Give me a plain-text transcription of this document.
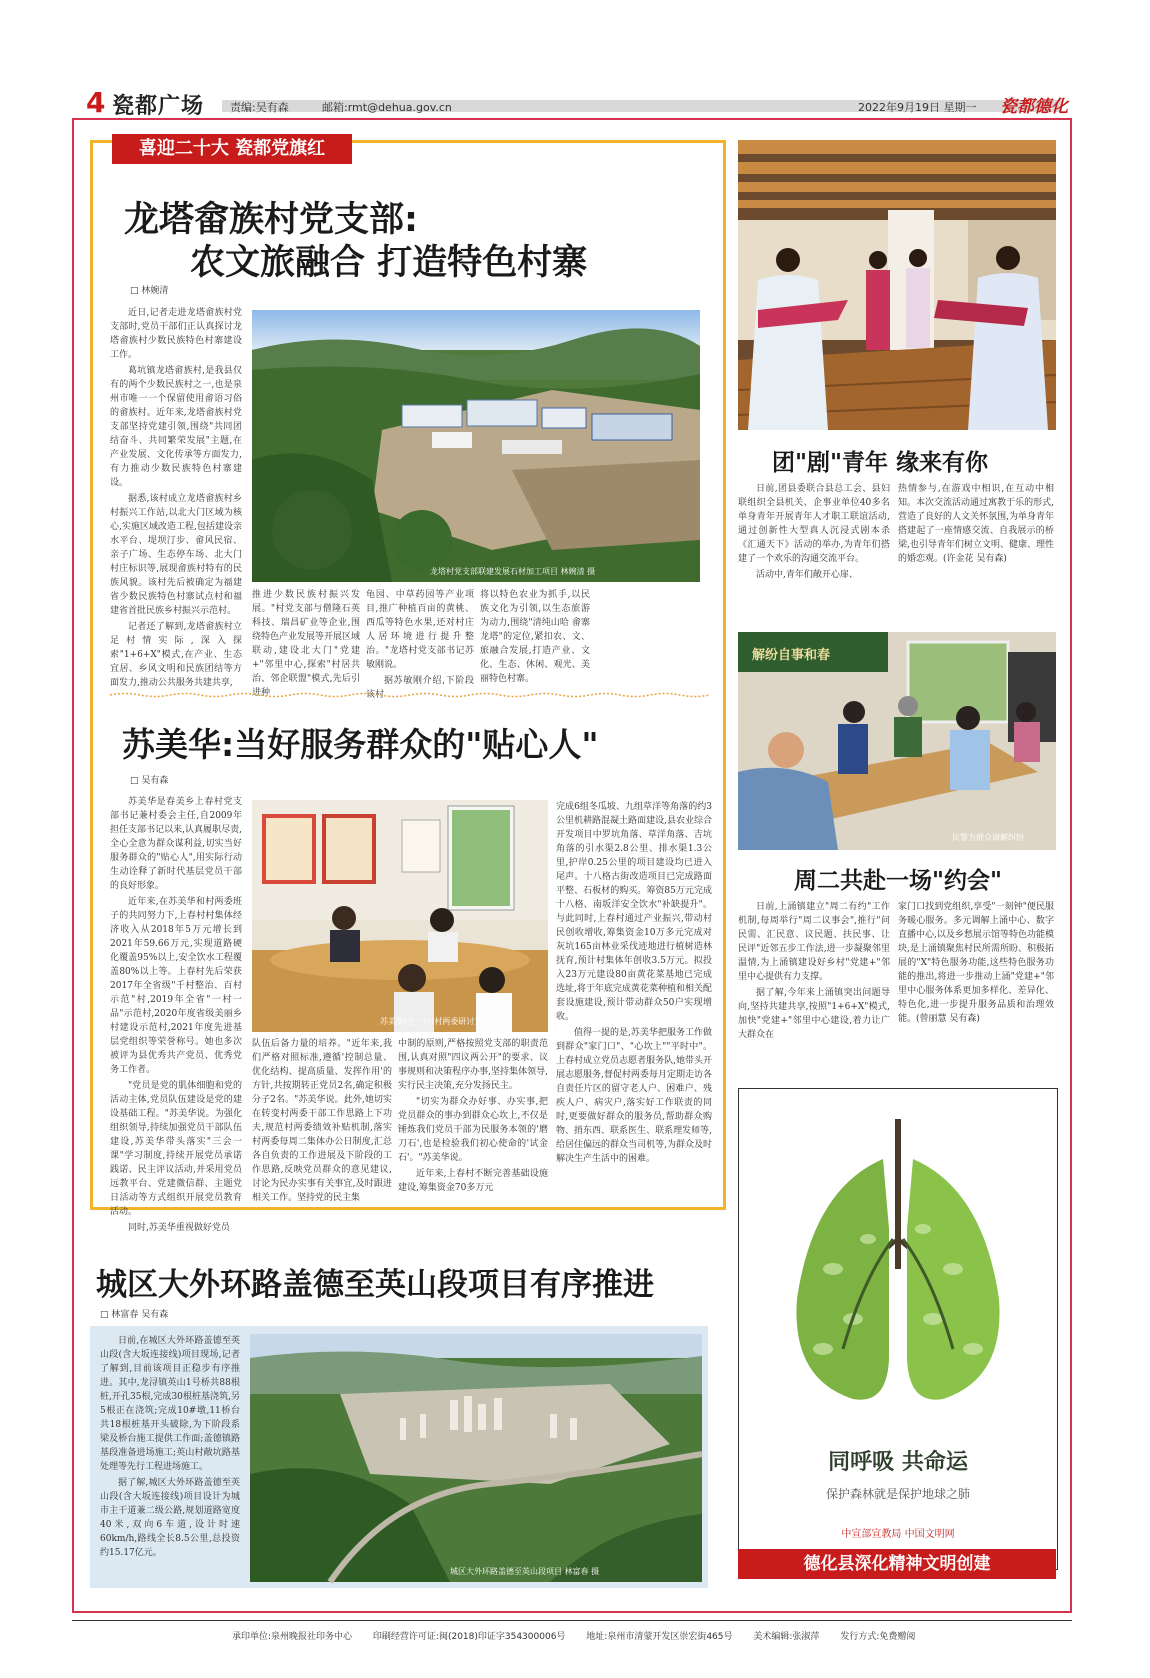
4 瓷都广场 责编:吴有森	邮箱:rmt@dehua.gov.cn	2022年9月19日 星期一 瓷都德化
喜迎二十大 瓷都党旗红
龙塔畲族村党支部:
农文旅融合 打造特色村寨
□ 林婉清

近日,记者走进龙塔畲族村党支部时,党员干部们正认真探讨龙塔畲族村少数民族特色村寨建设工作。

葛坑镇龙塔畲族村,是我县仅有的两个少数民族村之一,也是泉州市唯一一个保留使用畲语习俗的畲族村。近年来,龙塔畲族村党支部坚持党建引领,围绕"共同团结奋斗、共同繁荣发展"主题,在产业发展、文化传承等方面发力,有力推动少数民族特色村寨建设。

据悉,该村成立龙塔畲族村乡村振兴工作站,以北大门区域为核心,实施区域改造工程,包括建设亲水平台、堤坝汀步、畲风民宿、亲子广场、生态停车场、北大门村庄标识等,展现畲族村特有的民族风貌。该村先后被确定为福建省少数民族特色村寨试点村和福建省首批民族乡村振兴示范村。

记者还了解到,龙塔畲族村立足村情实际,深入探索"1+6+X"模式,在产业、生态宜居、乡风文明和民族团结等方面发力,推动公共服务共建共享,

龙塔村党支部联建发展石材加工项目 林婉清 摄

推进少数民族村振兴发展。"村党支部与僧隆石英科技、瑞昌矿业等企业,围绕特色产业发展等开展区域联动,建设北大门"党建+"邻里中心,探索"村居共治、邻企联盟"模式,先后引进种

龟园、中草药园等产业项目,推广种植百亩的黄桃、西瓜等特色水果,还对村庄人居环境进行提升整治。"龙塔村党支部书记苏敏刚说。

据苏敏刚介绍,下阶段该村

将以特色农业为抓手,以民族文化为引领,以生态旅游为动力,围绕"清纯山哈 畲寨龙塔"的定位,紧扣农、文、旅融合发展,打造产业、文化、生态、休闲、观光、美丽特色村寨。

苏美华:当好服务群众的"贴心人"
□ 吴有森

苏美华是春美乡上春村党支部书记兼村委会主任,自2009年担任支部书记以来,认真履职尽责,全心全意为群众谋利益,切实当好服务群众的"贴心人",用实际行动生动诠释了新时代基层党员干部的良好形象。

近年来,在苏美华和村两委班子的共同努力下,上春村村集体经济收入从2018年5万元增长到2021年59.66万元,实现道路硬化覆盖95%以上,安全饮水工程覆盖80%以上等。上春村先后荣获2017年全省级"千村整治、百村示范"村,2019年全省"一村一品"示范村,2020年度省级美丽乡村建设示范村,2021年度先进基层党组织等荣誉称号。她也多次被评为县优秀共产党员、优秀党务工作者。

"党员是党的肌体细胞和党的活动主体,党员队伍建设是党的建设基础工程。"苏美华说。为强化组织领导,持续加强党员干部队伍建设,苏美华带头落实"三会一课"学习制度,持续开展党员承诺践诺、民主评议活动,并采用党员远教平台、党建微信群、主题党日活动等方式组织开展党员教育活动。

同时,苏美华重视做好党员

苏美华(左一)与村两委研讨工作

队伍后备力量的培养。"近年来,我们严格对照标准,遵循'控制总量、优化结构、提高质量、发挥作用'的方针,共按期转正党员2名,确定积极分子2名。"苏美华说。此外,她切实在转变村两委干部工作思路上下功夫,规范村两委绩效补贴机制,落实村两委每周二集体办公日制度,汇总各自负责的工作进展及下阶段的工作思路,反映党员群众的意见建议,讨论为民办实事有关事宜,及时跟进相关工作。坚持党的民主集

中制的原则,严格按照党支部的职责范围,认真对照"四议两公开"的要求、议事规则和决策程序办事,坚持集体领导,实行民主决策,充分发扬民主。

"切实为群众办好事、办实事,把党员群众的事办到群众心坎上,不仅是锤炼我们党员干部为民服务本领的'磨刀石',也是检验我们初心使命的'试金石'。"苏美华说。

近年来,上春村不断完善基础设施建设,筹集资金70多万元

完成6组冬瓜坡、九组草洋等角落的约3公里机耕路混凝土路面建设,县农业综合开发项目中罗坑角落、草洋角落、吉坑角落的引水渠2.8公里、排水渠1.3公里,护岸0.25公里的项目建设均已进入尾声。十八格古街改造项目已完成路面平整、石板材的购买。筹资85万元完成十八格、南坂洋安全饮水"补缺提升"。与此同时,上春村通过产业振兴,带动村民创收增收,筹集资金10万多元完成对灰坑165亩林业采伐迹地进行植树造林抚育,预计村集体年创收3.5万元。拟投入23万元建设80亩黄花菜基地已完成选址,将于年底完成黄花菜种植和相关配套设施建设,预计带动群众50户实现增收。

值得一提的是,苏美华把服务工作做到群众"家门口"、"心坎上""平时中"。上春村成立党员志愿者服务队,她带头开展志愿服务,督促村两委每月定期走访各自责任片区的留守老人户、困难户、残疾人户、病灾户,落实好工作联责的同时,更要做好群众的服务员,帮助群众购物、捎东西、联系医生、联系理发师等,给居住偏远的群众当司机等,为群众及时解决生产生活中的困难。

城区大外环路盖德至英山段项目有序推进
□ 林富春 吴有森

日前,在城区大外环路盖德至英山段(含大坂连接线)项目现场,记者了解到,目前该项目正稳步有序推进。其中,龙浔镇英山1号桥共88根桩,开孔35根,完成30根桩基浇筑,另5根正在浇筑;完成10#墩,11桥台共18根桩基开头破除,为下阶段系梁及桥台施工提供工作面;盖德镇路基段准备进场施工;英山村敞坑路基处理等先行工程进场施工。

据了解,城区大外环路盖德至英山段(含大坂连接线)项目设计为城市主干道兼二级公路,规划道路宽度40米,双向6车道,设计时速60km/h,路线全长8.5公里,总投资约15.17亿元。

城区大外环路盖德至英山段项目 林富春 摄
团"剧"青年 缘来有你

日前,团县委联合县总工会、县妇联组织全县机关、企事业单位40多名单身青年开展青年人才职工联谊活动,通过创新性大型真人沉浸式剧本杀《汇通天下》活动的举办,为青年们搭建了一个欢乐的沟通交流平台。

活动中,青年们敞开心扉、

热情参与,在游戏中相识,在互动中相知。本次交流活动通过寓教于乐的形式,营造了良好的人文关怀氛围,为单身青年搭建起了一座情感交流、自我展示的桥梁,也引导青年们树立文明、健康、理性的婚恋观。(许金花 吴有森)

解纷自事和春
民警为群众调解纠纷
周二共赴一场"约会"

日前,上涌镇建立"周二有约"工作机制,每周举行"周二议事会",推行"问民需、汇民意、议民题、扶民事、让民评"近邻五步工作法,进一步凝聚邻里温情,为上涌镇建设好乡村"党建+"邻里中心提供有力支撑。

据了解,今年来上涌镇突出问题导向,坚持共建共享,按照"1+6+X"模式,加快"党建+"邻里中心建设,着力让广大群众在

家门口找到党组织,享受"一刻钟"便民服务暖心服务。多元调解上涌中心、数字直播中心,以及乡愁展示馆等特色功能模块,是上涌镇聚焦村民所需所盼、积极拓展的"X"特色服务功能,这些特色服务功能的推出,将进一步推动上涌"党建+"邻里中心服务体系更加多样化、差异化、特色化,进一步提升服务品质和治理效能。(曾丽慧 吴有森)

同呼吸 共命运
保护森林就是保护地球之肺
中宣部宣教局 中国文明网
德化县深化精神文明创建
承印单位:泉州晚报社印务中心 印刷经营许可证:闽(2018)印证字354300006号 地址:泉州市清蒙开发区崇宏街465号 美术编辑:张淑萍 发行方式:免费赠阅
